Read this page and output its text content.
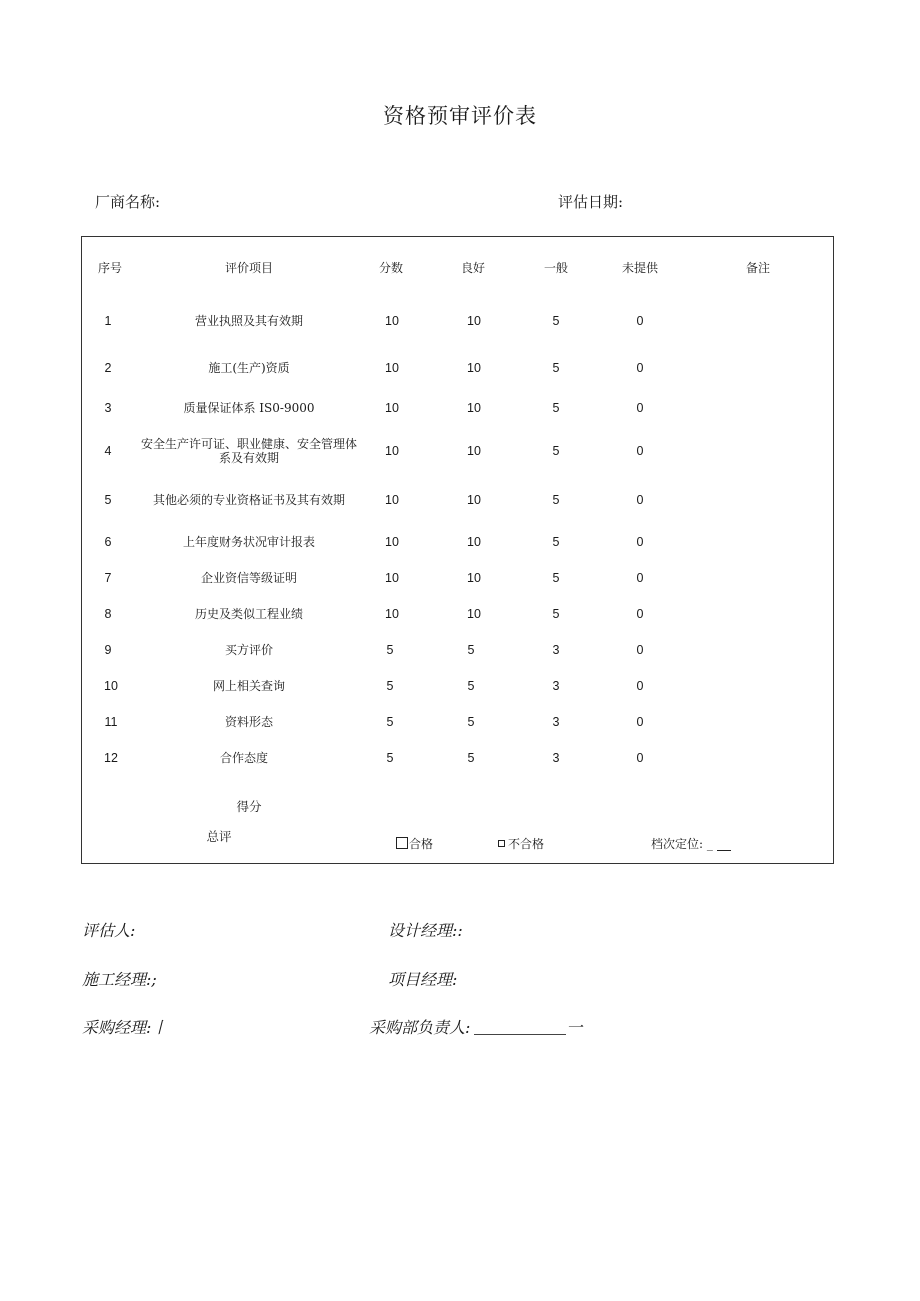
资格预审评价表
厂商名称:	评估日期:
序号	评价项目	分数	良好	一般	未提供	备注
1	营业执照及其有效期	10	10	5	0
2	施工(生产)资质	10	10	5	0
3	质量保证体系 IS0-9000	10	10	5	0
4 安全生产许可证、职业健康、安全管理体系及有效期	10	10	5	0
5	其他必须的专业资格证书及其有效期	10	10	5	0
6	上年度财务状况审计报表	10	10	5	0
7	企业资信等级证明	10	10	5	0
8	历史及类似工程业绩	10	10	5	0
9	买方评价	5	5	3	0
10	网上相关查询	5	5	3	0
11	资料形态	5	5	3	0
12	合作态度	5	5	3	0
得分
总评	合格	不合格	档次定位: _
评估人:	设计经理::
施工经理:;	项目经理:
采购经理:丨	采购部负责人:	一
